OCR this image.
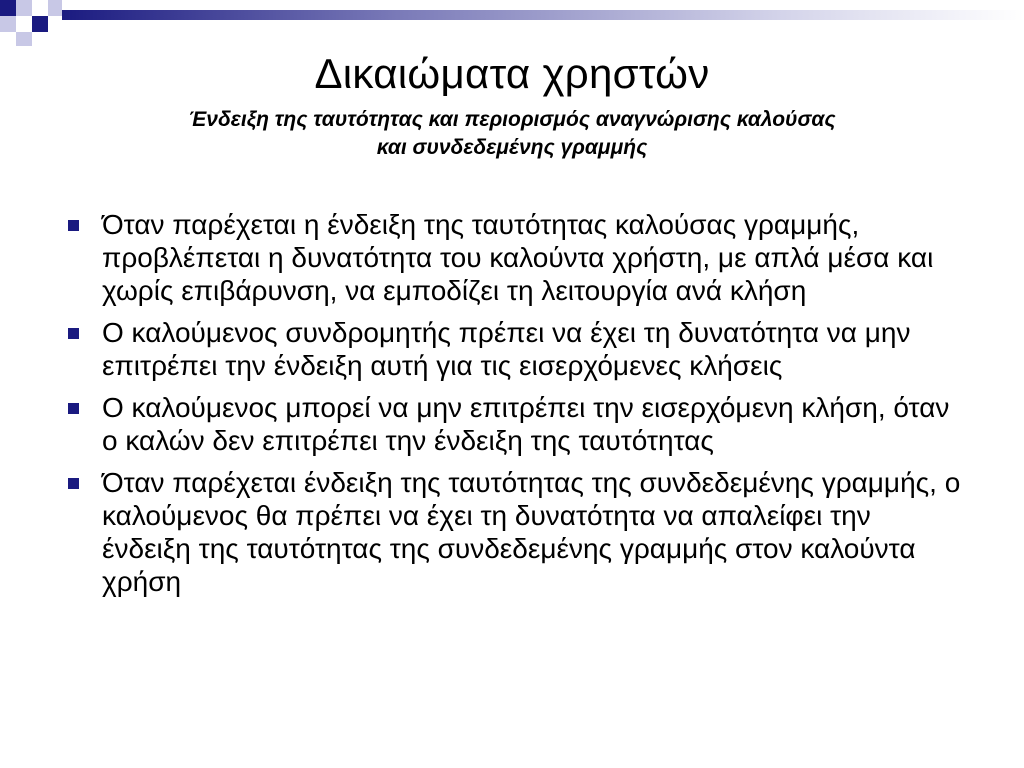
Δικαιώματα χρηστών
Ένδειξη της ταυτότητας και περιορισμός αναγνώρισης καλούσας
και συνδεδεμένης γραμμής
Όταν παρέχεται η ένδειξη της ταυτότητας καλούσας γραμμής, προβλέπεται η δυνατότητα του καλούντα χρήστη, με απλά μέσα και χωρίς επιβάρυνση, να εμποδίζει τη λειτουργία ανά κλήση
Ο καλούμενος συνδρομητής πρέπει να έχει τη δυνατότητα να μην επιτρέπει την ένδειξη αυτή για τις εισερχόμενες κλήσεις
Ο καλούμενος μπορεί να μην επιτρέπει την εισερχόμενη κλήση, όταν ο καλών δεν επιτρέπει την ένδειξη της ταυτότητας
Όταν παρέχεται ένδειξη της ταυτότητας της συνδεδεμένης γραμμής, ο καλούμενος θα πρέπει να έχει τη δυνατότητα να απαλείφει την ένδειξη της ταυτότητας της συνδεδεμένης γραμμής στον καλούντα χρήση
